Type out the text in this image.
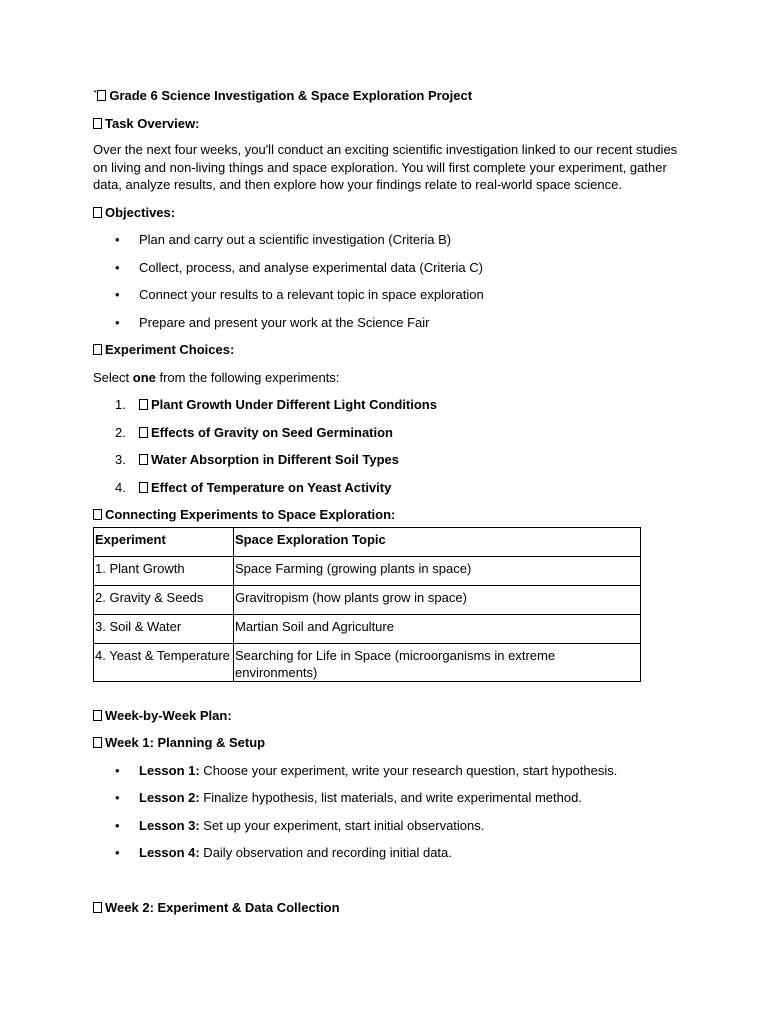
` Grade 6 Science Investigation & Space Exploration Project

Task Overview:

Over the next four weeks, you'll conduct an exciting scientific investigation linked to our recent studies on living and non-living things and space exploration. You will first complete your experiment, gather data, analyze results, and then explore how your findings relate to real-world space science.

Objectives:

• Plan and carry out a scientific investigation (Criteria B)
• Collect, process, and analyse experimental data (Criteria C)
• Connect your results to a relevant topic in space exploration
• Prepare and present your work at the Science Fair

Experiment Choices:

Select one from the following experiments:

1. Plant Growth Under Different Light Conditions
2. Effects of Gravity on Seed Germination
3. Water Absorption in Different Soil Types
4. Effect of Temperature on Yeast Activity

Connecting Experiments to Space Exploration:

Experiment	Space Exploration Topic
1. Plant Growth	Space Farming (growing plants in space)
2. Gravity & Seeds	Gravitropism (how plants grow in space)
3. Soil & Water	Martian Soil and Agriculture
4. Yeast & Temperature	Searching for Life in Space (microorganisms in extreme environments)

Week-by-Week Plan:

Week 1: Planning & Setup

• Lesson 1: Choose your experiment, write your research question, start hypothesis.
• Lesson 2: Finalize hypothesis, list materials, and write experimental method.
• Lesson 3: Set up your experiment, start initial observations.
• Lesson 4: Daily observation and recording initial data.

Week 2: Experiment & Data Collection
